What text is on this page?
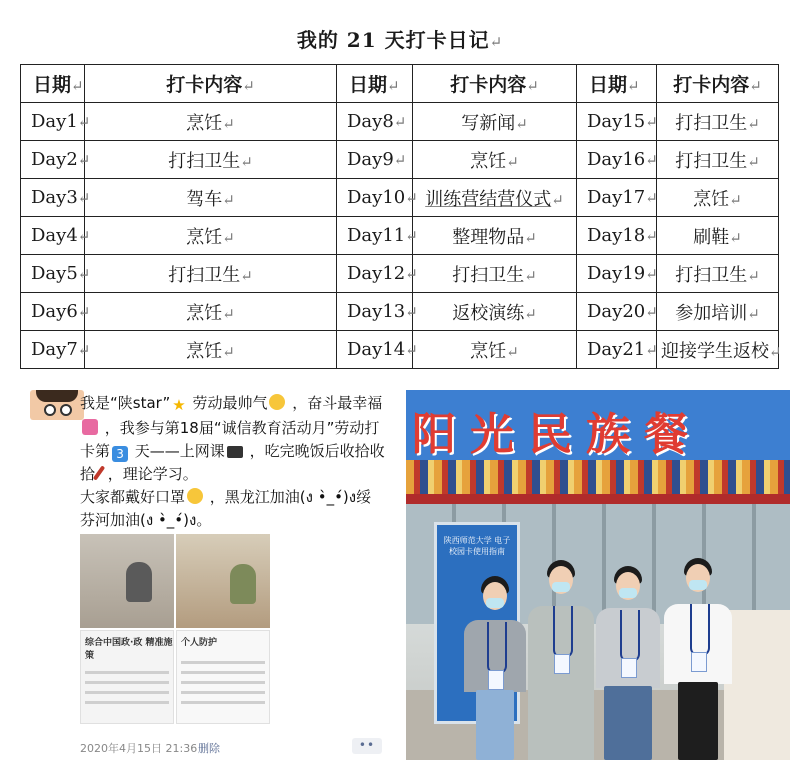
我的 21 天打卡日记↵
日期↵	打卡内容↵	日期↵	打卡内容↵	日期↵	打卡内容↵
Day1↵	烹饪↵	Day8↵	写新闻↵	Day15↵	打扫卫生↵
Day2↵	打扫卫生↵	Day9↵	烹饪↵	Day16↵	打扫卫生↵
Day3↵	驾车↵	Day10↵	训练营结营仪式↵	Day17↵	烹饪↵
Day4↵	烹饪↵	Day11↵	整理物品↵	Day18↵	刷鞋↵
Day5↵	打扫卫生↵	Day12↵	打扫卫生↵	Day19↵	打扫卫生↵
Day6↵	烹饪↵	Day13↵	返校演练↵	Day20↵	参加培训↵
Day7↵	烹饪↵	Day14↵	烹饪↵	Day21↵	迎接学生返校↵

我是“陕star” ★ 劳动最帅气 ，奋斗最幸福 ，我参与第18届“诚信教育活动月”劳动打卡第 3 天——上网课 ，吃完晚饭后收拾收拾 ，理论学习。

大家都戴好口罩 ，黑龙江加油(ง •̀_•́)ง绥芬河加油(ง •̀_•́)ง。

综合中国政·政 精准施策
个人防护
2020年4月15日 21:36 删除	••
阳光民族餐
陕西师范大学 电子校园卡使用指南
